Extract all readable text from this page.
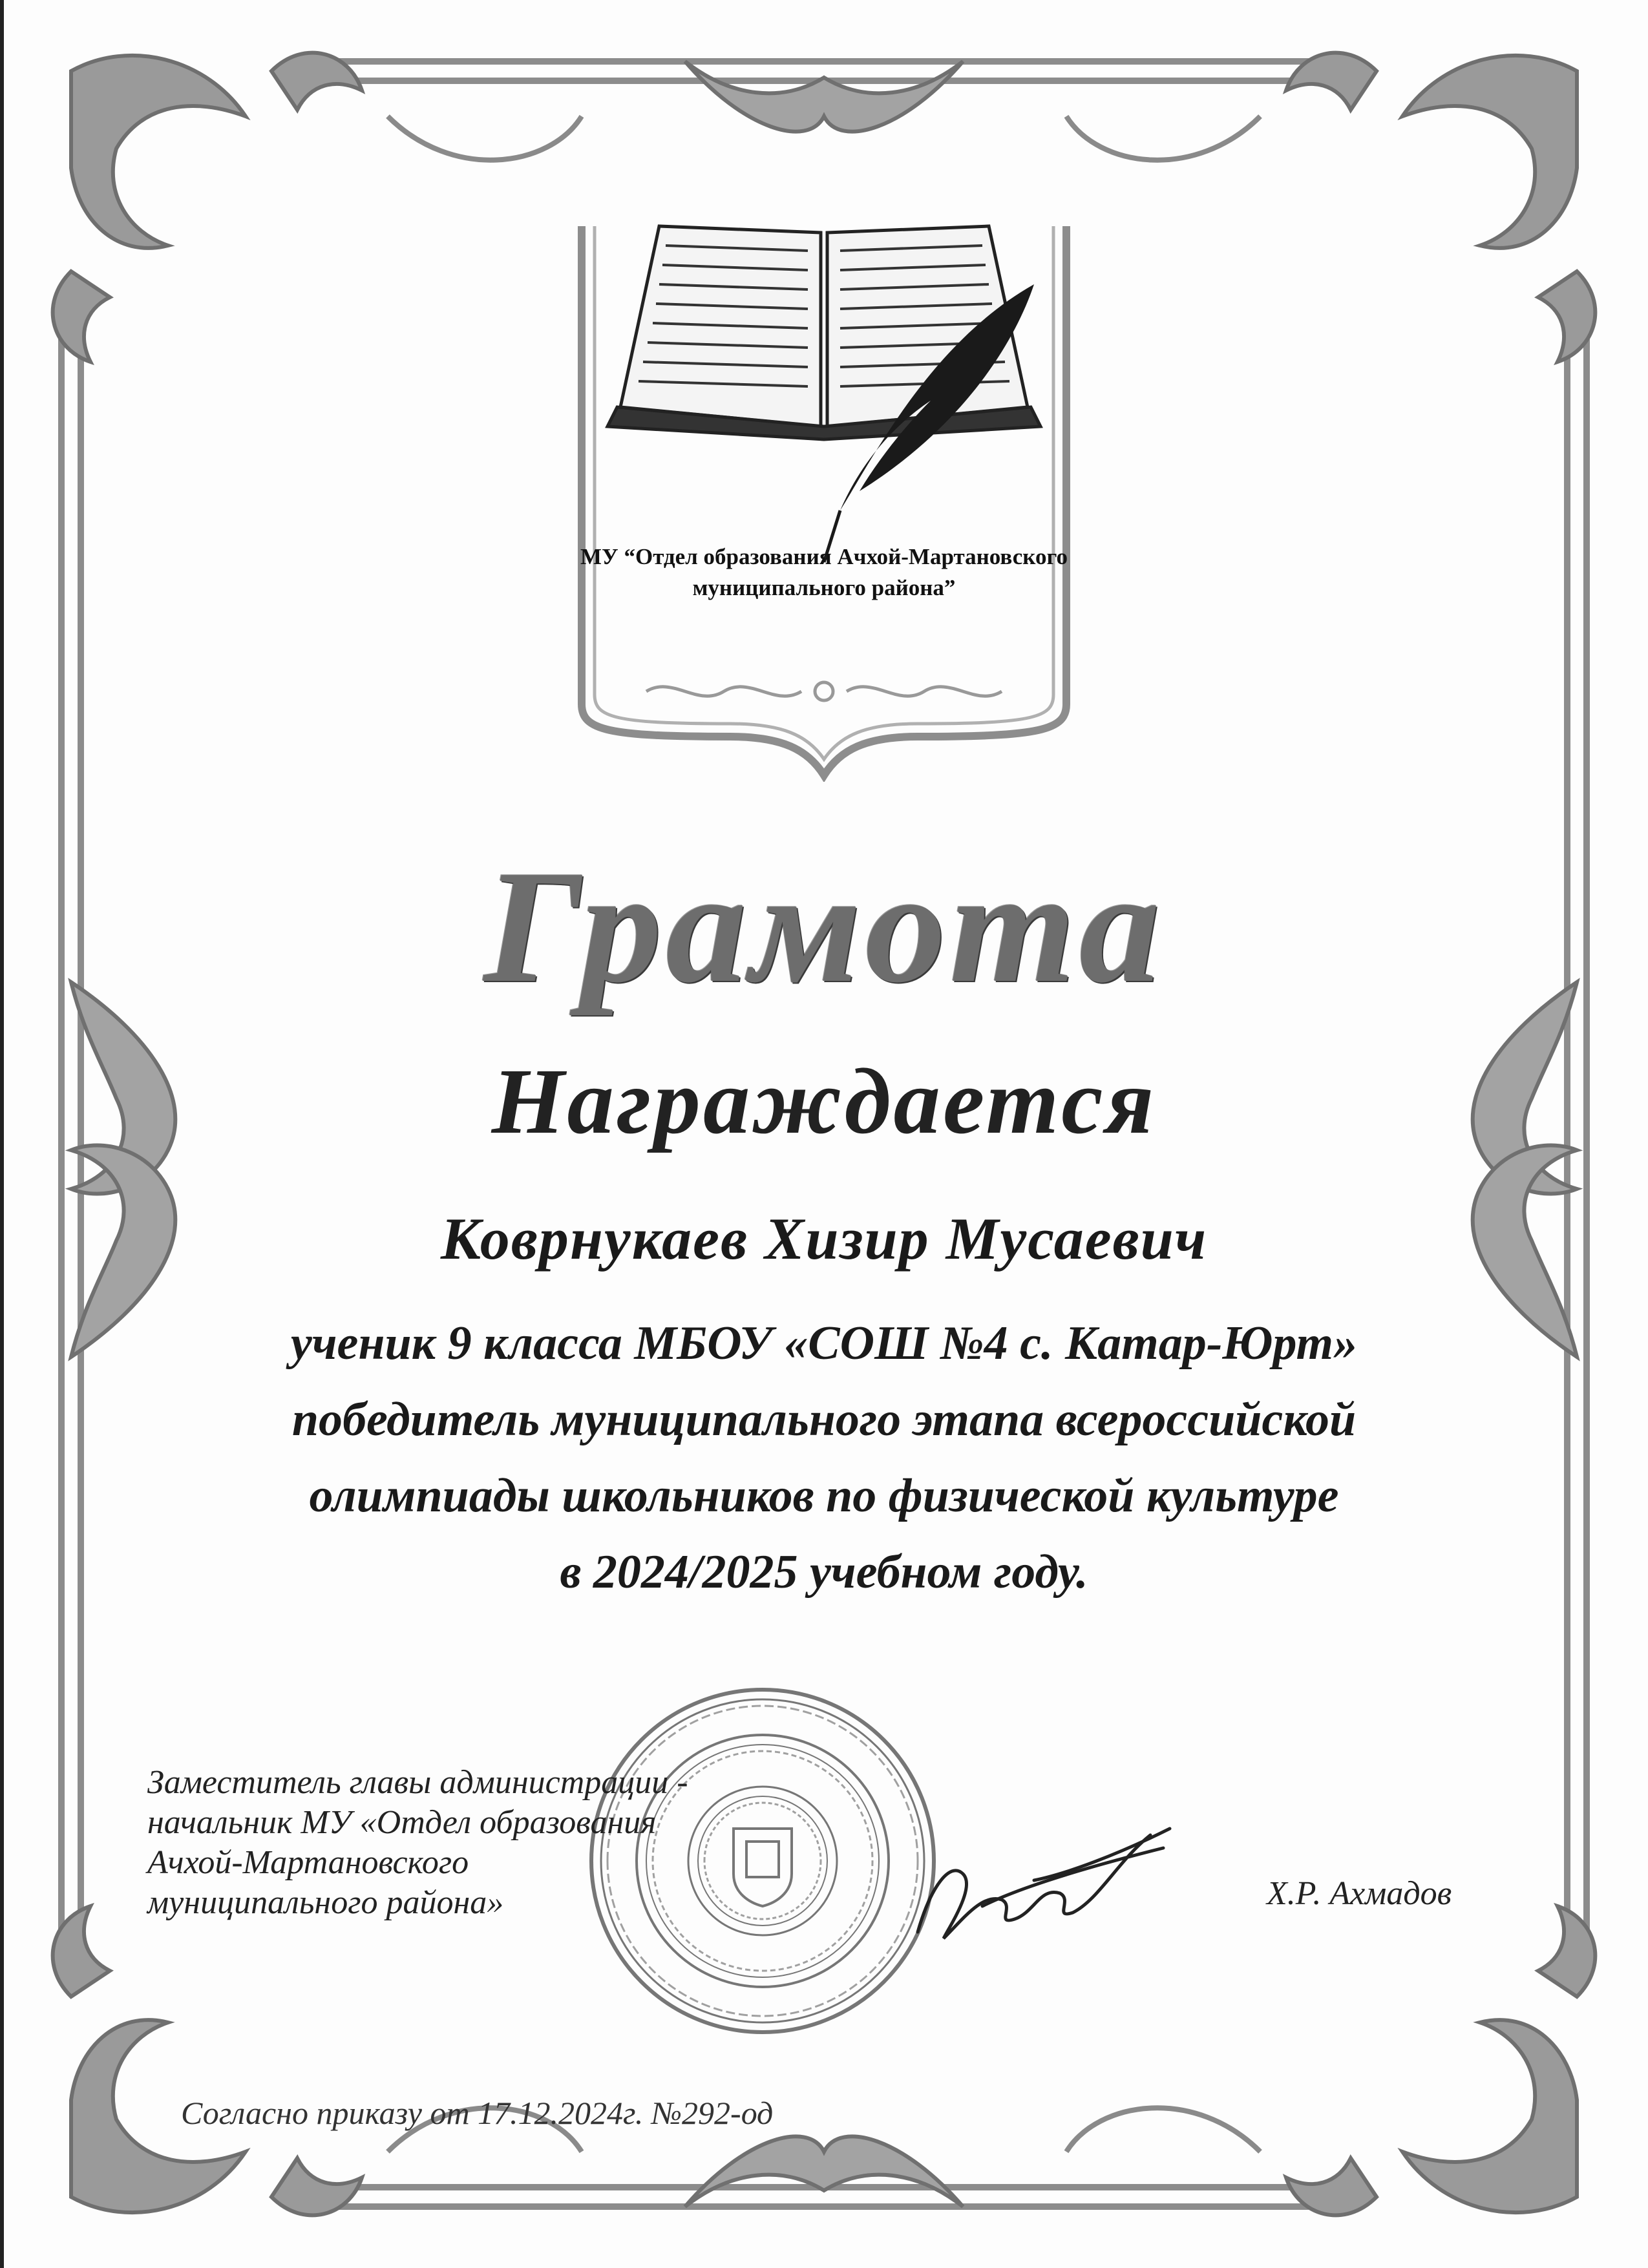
МУ “Отдел образования Ачхой-Мартановского
муниципального района”
Грамота
Награждается
Коврнукаев Хизир Мусаевич
ученик 9 класса МБОУ «СОШ №4 с. Катар-Юрт»
победитель муниципального этапа всероссийской
олимпиады школьников по физической культуре
в 2024/2025 учебном году.
Заместитель главы администрации -
начальник МУ «Отдел образования
Ачхой-Мартановского
муниципального района»	Х.Р. Ахмадов
Согласно приказу от 17.12.2024г. №292-од
